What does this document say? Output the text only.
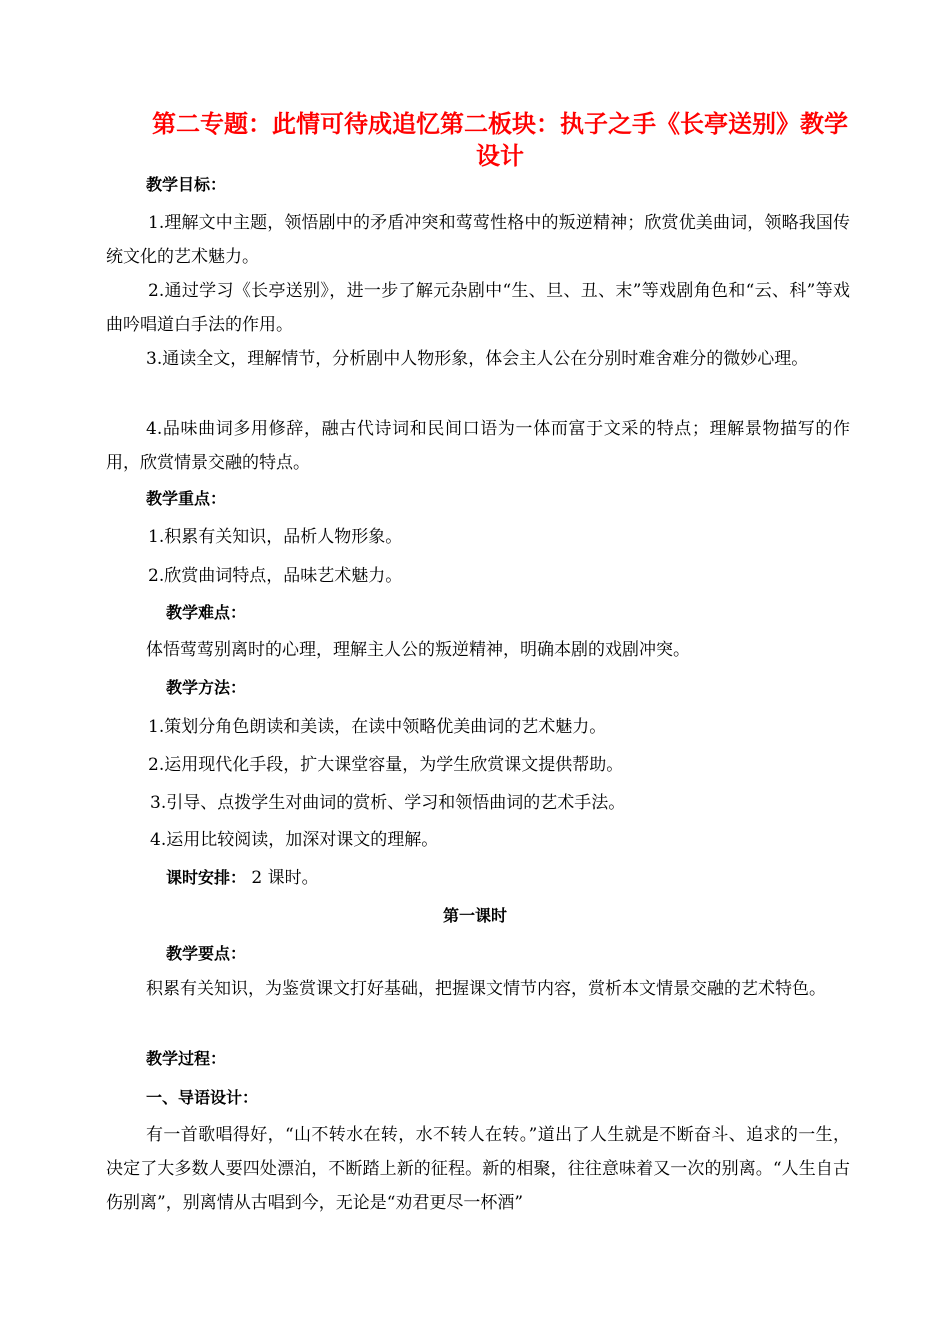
第二专题：此情可待成追忆第二板块：执子之手《长亭送别》教学设计

教学目标：

1.理解文中主题，领悟剧中的矛盾冲突和莺莺性格中的叛逆精神；欣赏优美曲词，领略我国传统文化的艺术魅力。

2.通过学习《长亭送别》，进一步了解元杂剧中“生、旦、丑、末”等戏剧角色和“云、科”等戏曲吟唱道白手法的作用。

3.通读全文，理解情节，分析剧中人物形象，体会主人公在分别时难舍难分的微妙心理。

4.品味曲词多用修辞，融古代诗词和民间口语为一体而富于文采的特点；理解景物描写的作用，欣赏情景交融的特点。

教学重点：

1.积累有关知识，品析人物形象。

2.欣赏曲词特点，品味艺术魅力。

教学难点：

体悟莺莺别离时的心理，理解主人公的叛逆精神，明确本剧的戏剧冲突。

教学方法：

1.策划分角色朗读和美读，在读中领略优美曲词的艺术魅力。

2.运用现代化手段，扩大课堂容量，为学生欣赏课文提供帮助。

3.引导、点拨学生对曲词的赏析、学习和领悟曲词的艺术手法。

4.运用比较阅读，加深对课文的理解。

课时安排： 2 课时。

第一课时

教学要点：

积累有关知识，为鉴赏课文打好基础，把握课文情节内容，赏析本文情景交融的艺术特色。

教学过程：

一、导语设计：

有一首歌唱得好，“山不转水在转，水不转人在转。”道出了人生就是不断奋斗、追求的一生，决定了大多数人要四处漂泊，不断踏上新的征程。新的相聚，往往意味着又一次的别离。“人生自古伤别离”，别离情从古唱到今，无论是“劝君更尽一杯酒”
